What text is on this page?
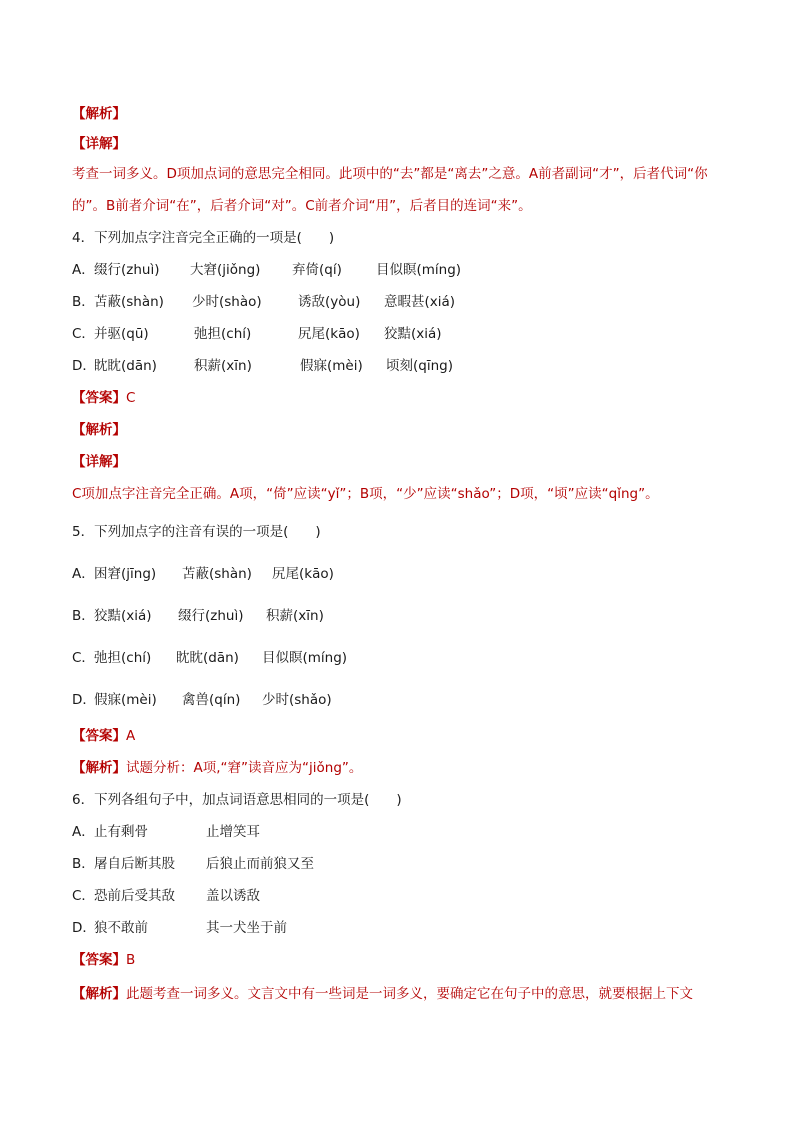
【解析】
【详解】
考查一词多义。D项加点词的意思完全相同。此项中的“去”都是“离去”之意。A前者副词“才”，后者代词“你
的”。B前者介词“在”，后者介词“对”。C前者介词“用”，后者目的连词“来”。
4．下列加点字注音完全正确的一项是(　　)
A． 缀行(zhuì) 大窘(jiǒng) 弃倚(qí)	目似瞑(míng)
B． 苫蔽(shàn) 少时(shào)	诱敌(yòu) 意暇甚(xiá)
C． 并驱(qū)	弛担(chí)	尻尾(kāo) 狡黠(xiá)
D．
眈眈(dān)	积薪(xīn)	假寐(mèi) 顷刻(qīng)
【答案】C
【解析】
【详解】
C项加点字注音完全正确。A项，“倚”应读“yǐ”；B项，“少”应读“shǎo”；D项，“顷”应读“qǐng”。
5．下列加点字的注音有误的一项是(　　)
A． 困窘(jīng) 苫蔽(shàn) 尻尾(kāo)
B． 狡黠(xiá) 缀行(zhuì) 积薪(xīn)
C． 弛担(chí) 眈眈(dān) 目似瞑(míng)
D．
假寐(mèi) 禽兽(qín) 少时(shǎo)
【答案】A
【解析】试题分析：A项,“窘”读音应为“jiǒng”。
6．下列各组句子中，加点词语意思相同的一项是(　　)
A． 止有剩骨	止增笑耳
B． 屠自后断其股 后狼止而前狼又至
C． 恐前后受其敌 盖以诱敌
D．
狼不敢前	其一犬坐于前
【答案】B
【解析】此题考查一词多义。文言文中有一些词是一词多义，要确定它在句子中的意思，就要根据上下文
